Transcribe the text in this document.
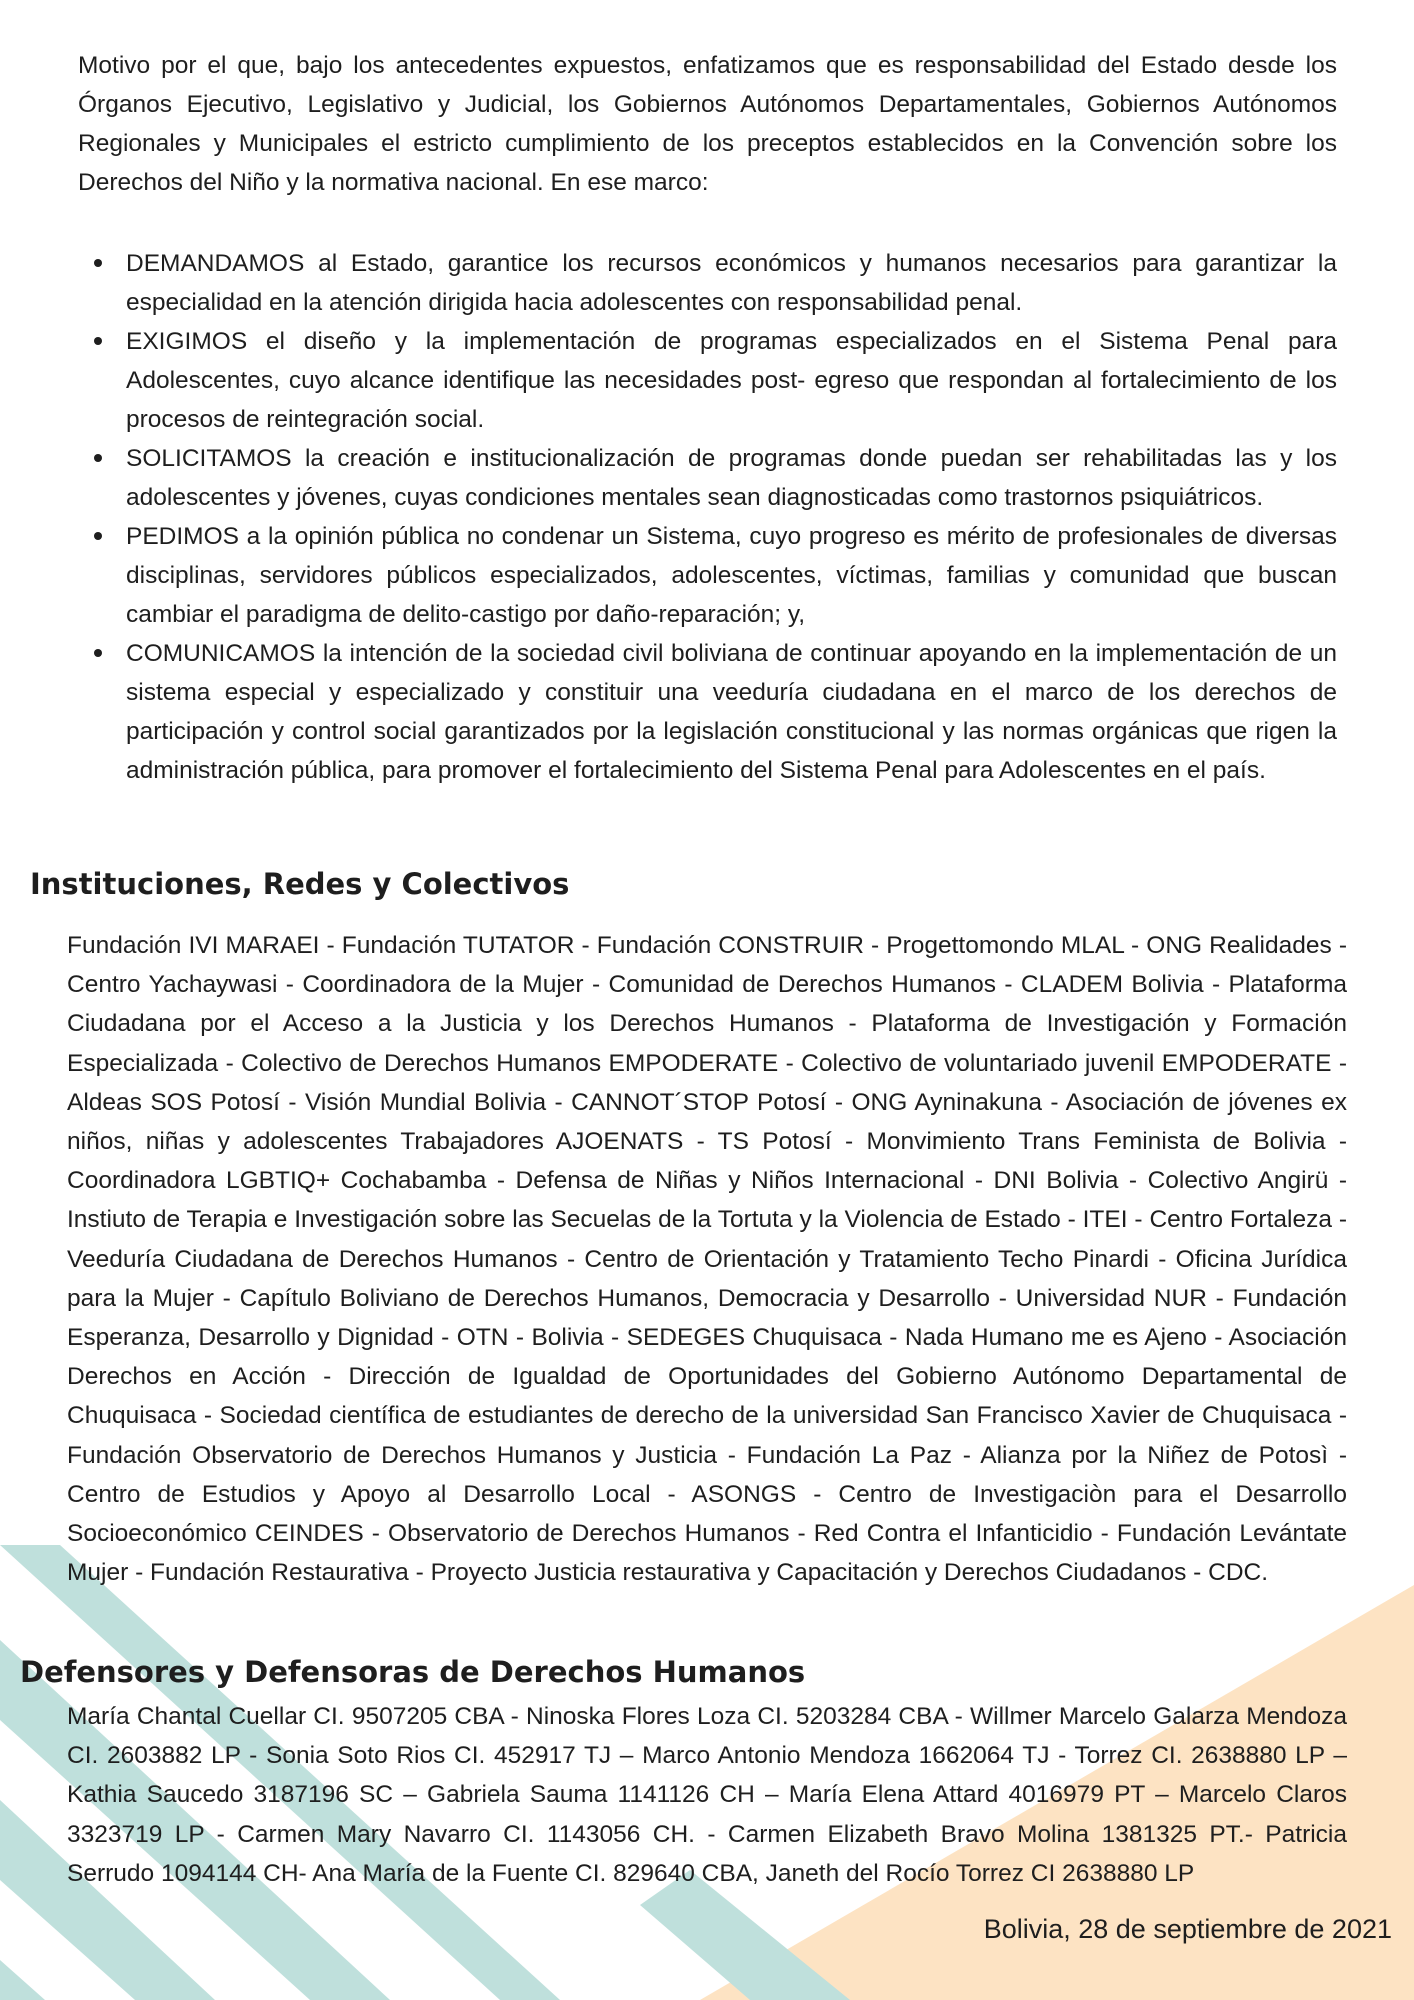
Motivo por el que, bajo los antecedentes expuestos, enfatizamos que es responsabilidad del Estado desde los Órganos Ejecutivo, Legislativo y Judicial, los Gobiernos Autónomos Departamentales, Gobiernos Autónomos Regionales y Municipales el estricto cumplimiento de los preceptos establecidos en la Convención sobre los Derechos del Niño y la normativa nacional. En ese marco:

DEMANDAMOS al Estado, garantice los recursos económicos y humanos necesarios para garantizar la especialidad en la atención dirigida hacia adolescentes con responsabilidad penal.
EXIGIMOS el diseño y la implementación de programas especializados en el Sistema Penal para Adolescentes, cuyo alcance identifique las necesidades post- egreso que respondan al fortalecimiento de los procesos de reintegración social.
SOLICITAMOS la creación e institucionalización de programas donde puedan ser rehabilitadas las y los adolescentes y jóvenes, cuyas condiciones mentales sean diagnosticadas como trastornos psiquiátricos.
PEDIMOS a la opinión pública no condenar un Sistema, cuyo progreso es mérito de profesionales de diversas disciplinas, servidores públicos especializados, adolescentes, víctimas, familias y comunidad que buscan cambiar el paradigma de delito-castigo por daño-reparación; y,
COMUNICAMOS la intención de la sociedad civil boliviana de continuar apoyando en la implementación de un sistema especial y especializado y constituir una veeduría ciudadana en el marco de los derechos de participación y control social garantizados por la legislación constitucional y las normas orgánicas que rigen la administración pública, para promover el fortalecimiento del Sistema Penal para Adolescentes en el país.
Instituciones, Redes y Colectivos

Fundación IVI MARAEI - Fundación TUTATOR - Fundación CONSTRUIR - Progettomondo MLAL - ONG Realidades - Centro Yachaywasi - Coordinadora de la Mujer - Comunidad de Derechos Humanos - CLADEM Bolivia - Plataforma Ciudadana por el Acceso a la Justicia y los Derechos Humanos - Plataforma de Investigación y Formación Especializada - Colectivo de Derechos Humanos EMPODERATE - Colectivo de voluntariado juvenil EMPODERATE - Aldeas SOS Potosí - Visión Mundial Bolivia - CANNOT´STOP Potosí - ONG Ayninakuna - Asociación de jóvenes ex niños, niñas y adolescentes Trabajadores AJOENATS - TS Potosí - Monvimiento Trans Feminista de Bolivia - Coordinadora LGBTIQ+ Cochabamba - Defensa de Niñas y Niños Internacional - DNI Bolivia - Colectivo Angirü - Instiuto de Terapia e Investigación sobre las Secuelas de la Tortuta y la Violencia de Estado - ITEI - Centro Fortaleza - Veeduría Ciudadana de Derechos Humanos - Centro de Orientación y Tratamiento Techo Pinardi - Oficina Jurídica para la Mujer - Capítulo Boliviano de Derechos Humanos, Democracia y Desarrollo - Universidad NUR - Fundación Esperanza, Desarrollo y Dignidad - OTN - Bolivia - SEDEGES Chuquisaca - Nada Humano me es Ajeno - Asociación Derechos en Acción - Dirección de Igualdad de Oportunidades del Gobierno Autónomo Departamental de Chuquisaca - Sociedad científica de estudiantes de derecho de la universidad San Francisco Xavier de Chuquisaca - Fundación Observatorio de Derechos Humanos y Justicia - Fundación La Paz - Alianza por la Niñez de Potosì - Centro de Estudios y Apoyo al Desarrollo Local - ASONGS - Centro de Investigaciòn para el Desarrollo Socioeconómico CEINDES - Observatorio de Derechos Humanos - Red Contra el Infanticidio - Fundación Levántate Mujer - Fundación Restaurativa - Proyecto Justicia restaurativa y Capacitación y Derechos Ciudadanos - CDC.

Defensores y Defensoras de Derechos Humanos

María Chantal Cuellar CI. 9507205 CBA - Ninoska Flores Loza CI. 5203284 CBA - Willmer Marcelo Galarza Mendoza CI. 2603882 LP - Sonia Soto Rios CI. 452917 TJ – Marco Antonio Mendoza 1662064 TJ - Torrez CI. 2638880 LP – Kathia Saucedo 3187196 SC – Gabriela Sauma 1141126 CH – María Elena Attard 4016979 PT – Marcelo Claros 3323719 LP - Carmen Mary Navarro CI. 1143056 CH. - Carmen Elizabeth Bravo Molina 1381325 PT.- Patricia Serrudo 1094144 CH- Ana María de la Fuente CI. 829640 CBA, Janeth del Rocío Torrez CI 2638880 LP

Bolivia, 28 de septiembre de 2021
